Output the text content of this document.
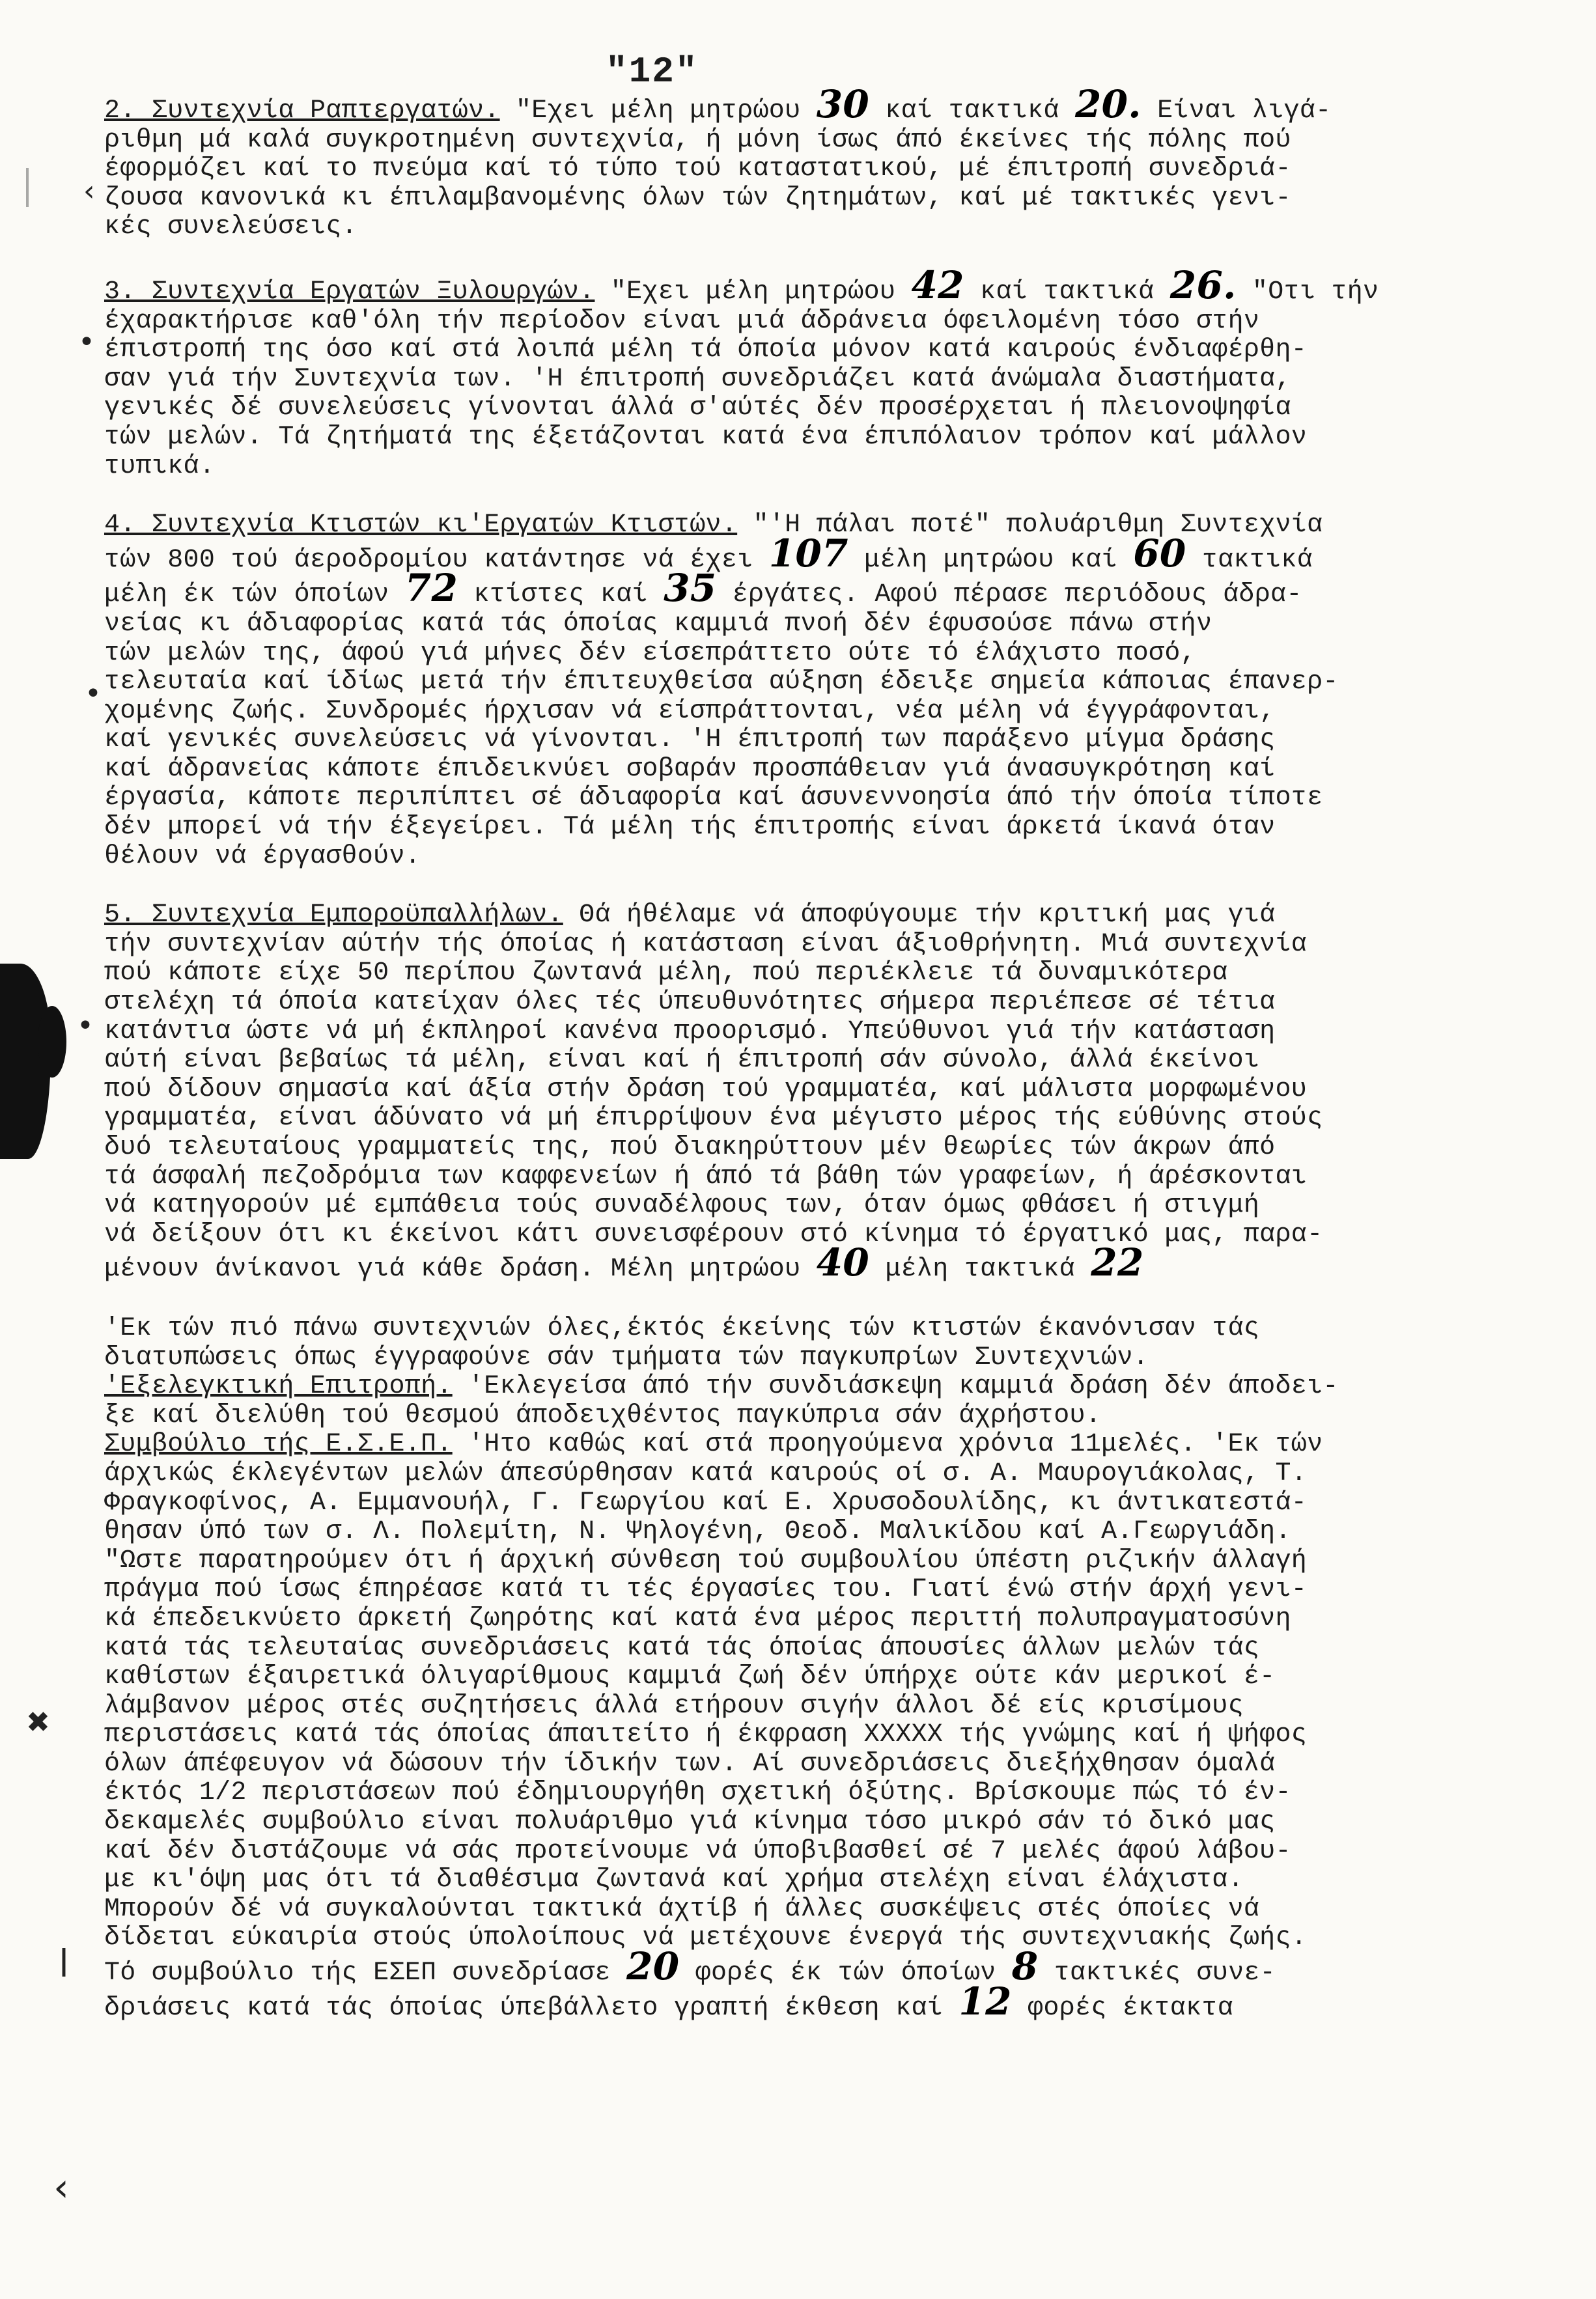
"12"
‹
•
•
•
✖
‹
|

2. Συντεχνία Ραπτεργατών. "Εχει μέλη μητρώου 30 καί τακτικά 20. Είναι λιγά-

ριθμη μά καλά συγκροτημένη συντεχνία, ή μόνη ίσως άπό έκείνες τής πόλης πού

έφορμόζει καί το πνεύμα καί τό τύπο τού καταστατικού, μέ έπιτροπή συνεδριά-

ζουσα κανονικά κι έπιλαμβανομένης όλων τών ζητημάτων, καί μέ τακτικές γενι-

κές συνελεύσεις.

3. Συντεχνία Εργατών Ξυλουργών. "Εχει μέλη μητρώου 42 καί τακτικά 26. "Οτι τήν

έχαρακτήρισε καθ'όλη τήν περίοδον είναι μιά άδράνεια όφειλομένη τόσο στήν

έπιστροπή της όσο καί στά λοιπά μέλη τά όποία μόνον κατά καιρούς ένδιαφέρθη-

σαν γιά τήν Συντεχνία των. 'Η έπιτροπή συνεδριάζει κατά άνώμαλα διαστήματα,

γενικές δέ συνελεύσεις γίνονται άλλά σ'αύτές δέν προσέρχεται ή πλειονοψηφία

τών μελών. Τά ζητήματά της έξετάζονται κατά ένα έπιπόλαιον τρόπον καί μάλλον

τυπικά.

4. Συντεχνία Κτιστών κι'Εργατών Κτιστών. "'Η πάλαι ποτέ" πολυάριθμη Συντεχνία

τών 800 τού άεροδρομίου κατάντησε νά έχει 107 μέλη μητρώου καί 60 τακτικά

μέλη έκ τών όποίων 72 κτίστες καί 35 έργάτες. Αφού πέρασε περιόδους άδρα-

νείας κι άδιαφορίας κατά τάς όποίας καμμιά πνοή δέν έφυσούσε πάνω στήν

τών μελών της, άφού γιά μήνες δέν είσεπράττετο ούτε τό έλάχιστο ποσό,

τελευταία καί ίδίως μετά τήν έπιτευχθείσα αύξηση έδειξε σημεία κάποιας έπανερ-

χομένης ζωής. Συνδρομές ήρχισαν νά είσπράττονται, νέα μέλη νά έγγράφονται,

καί γενικές συνελεύσεις νά γίνονται. 'Η έπιτροπή των παράξενο μίγμα δράσης

καί άδρανείας κάποτε έπιδεικνύει σοβαράν προσπάθειαν γιά άνασυγκρότηση καί

έργασία, κάποτε περιπίπτει σέ άδιαφορία καί άσυνεννοησία άπό τήν όποία τίποτε

δέν μπορεί νά τήν έξεγείρει. Τά μέλη τής έπιτροπής είναι άρκετά ίκανά όταν

θέλουν νά έργασθούν.

5. Συντεχνία Εμποροϋπαλλήλων. Θά ήθέλαμε νά άποφύγουμε τήν κριτική μας γιά

τήν συντεχνίαν αύτήν τής όποίας ή κατάσταση είναι άξιοθρήνητη. Μιά συντεχνία

πού κάποτε είχε 50 περίπου ζωντανά μέλη, πού περιέκλειε τά δυναμικότερα

στελέχη τά όποία κατείχαν όλες τές ύπευθυνότητες σήμερα περιέπεσε σέ τέτια

κατάντια ώστε νά μή έκπληροί κανένα προορισμό. Υπεύθυνοι γιά τήν κατάσταση

αύτή είναι βεβαίως τά μέλη, είναι καί ή έπιτροπή σάν σύνολο, άλλά έκείνοι

πού δίδουν σημασία καί άξία στήν δράση τού γραμματέα, καί μάλιστα μορφωμένου

γραμματέα, είναι άδύνατο νά μή έπιρρίψουν ένα μέγιστο μέρος τής εύθύνης στούς

δυό τελευταίους γραμματείς της, πού διακηρύττουν μέν θεωρίες τών άκρων άπό

τά άσφαλή πεζοδρόμια των καφφενείων ή άπό τά βάθη τών γραφείων, ή άρέσκονται

νά κατηγορούν μέ εμπάθεια τούς συναδέλφους των, όταν όμως φθάσει ή στιγμή

νά δείξουν ότι κι έκείνοι κάτι συνεισφέρουν στό κίνημα τό έργατικό μας, παρα-

μένουν άνίκανοι γιά κάθε δράση. Μέλη μητρώου 40 μέλη τακτικά 22

'Εκ τών πιό πάνω συντεχνιών όλες,έκτός έκείνης τών κτιστών έκανόνισαν τάς

διατυπώσεις όπως έγγραφούνε σάν τμήματα τών παγκυπρίων Συντεχνιών.

'Εξελεγκτική Επιτροπή. 'Εκλεγείσα άπό τήν συνδιάσκεψη καμμιά δράση δέν άποδει-

ξε καί διελύθη τού θεσμού άποδειχθέντος παγκύπρια σάν άχρήστου.

Συμβούλιο τής Ε.Σ.Ε.Π. 'Ητο καθώς καί στά προηγούμενα χρόνια 11μελές. 'Εκ τών

άρχικώς έκλεγέντων μελών άπεσύρθησαν κατά καιρούς οί σ. Α. Μαυρογιάκολας, Τ.

Φραγκοφίνος, Α. Εμμανουήλ, Γ. Γεωργίου καί Ε. Χρυσοδουλίδης, κι άντικατεστά-

θησαν ύπό των σ. Λ. Πολεμίτη, Ν. Ψηλογένη, Θεοδ. Μαλικίδου καί Α.Γεωργιάδη.

"Ωστε παρατηρούμεν ότι ή άρχική σύνθεση τού συμβουλίου ύπέστη ριζικήν άλλαγή

πράγμα πού ίσως έπηρέασε κατά τι τές έργασίες του. Γιατί ένώ στήν άρχή γενι-

κά έπεδεικνύετο άρκετή ζωηρότης καί κατά ένα μέρος περιττή πολυπραγματοσύνη

κατά τάς τελευταίας συνεδριάσεις κατά τάς όποίας άπουσίες άλλων μελών τάς

καθίστων έξαιρετικά όλιγαρίθμους καμμιά ζωή δέν ύπήρχε ούτε κάν μερικοί έ-

λάμβανον μέρος στές συζητήσεις άλλά ετήρουν σιγήν άλλοι δέ είς κρισίμους

περιστάσεις κατά τάς όποίας άπαιτείτο ή έκφραση XXXXX τής γνώμης καί ή ψήφος

όλων άπέφευγον νά δώσουν τήν ίδικήν των. Αί συνεδριάσεις διεξήχθησαν όμαλά

έκτός 1/2 περιστάσεων πού έδημιουργήθη σχετική όξύτης. Βρίσκουμε πώς τό έν-

δεκαμελές συμβούλιο είναι πολυάριθμο γιά κίνημα τόσο μικρό σάν τό δικό μας

καί δέν διστάζουμε νά σάς προτείνουμε νά ύποβιβασθεί σέ 7 μελές άφού λάβου-

με κι'όψη μας ότι τά διαθέσιμα ζωντανά καί χρήμα στελέχη είναι έλάχιστα.

Μπορούν δέ νά συγκαλούνται τακτικά άχτίβ ή άλλες συσκέψεις στές όποίες νά

δίδεται εύκαιρία στούς ύπολοίπους νά μετέχουνε ένεργά τής συντεχνιακής ζωής.

Τό συμβούλιο τής ΕΣΕΠ συνεδρίασε 20 φορές έκ τών όποίων 8 τακτικές συνε-

δριάσεις κατά τάς όποίας ύπεβάλλετο γραπτή έκθεση καί 12 φορές έκτακτα
